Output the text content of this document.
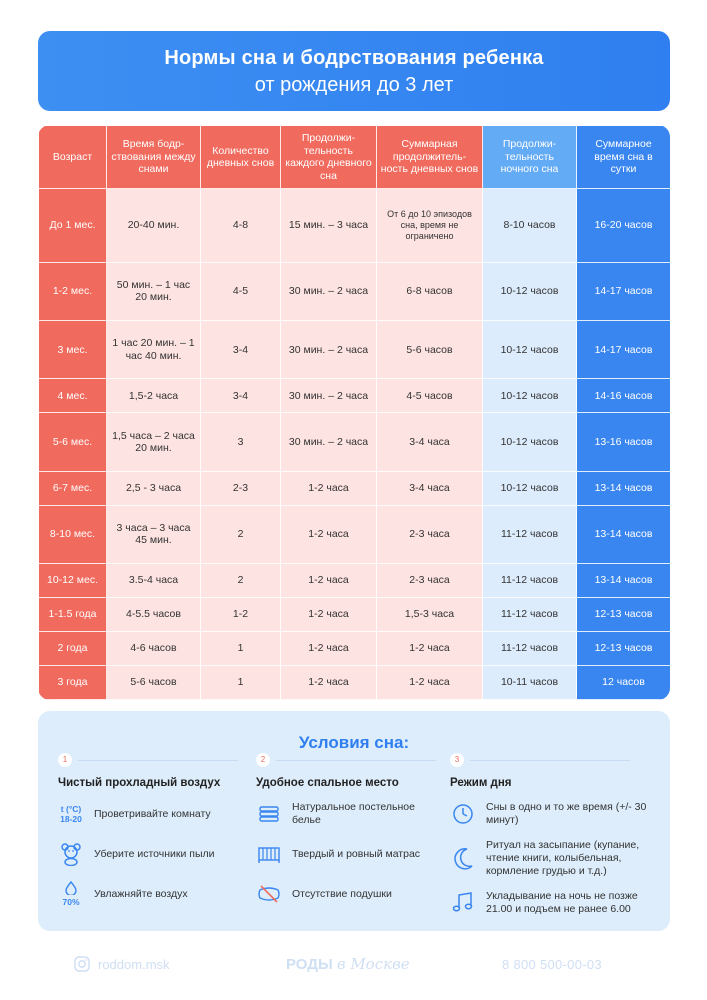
Нормы сна и бодрствования ребенка
от рождения до 3 лет
Возраст	Время бодр-ствования между снами	Количество дневных снов	Продолжи-тельность каждого дневного сна	Суммарная продолжитель-ность дневных снов	Продолжи-тельность ночного сна	Суммарное время сна в сутки
До 1 мес.	20-40 мин.	4-8	15 мин. – 3 часа	От 6 до 10 эпизодов сна, время не ограничено	8-10 часов	16-20 часов
1-2 мес.	50 мин. – 1 час 20 мин.	4-5	30 мин. – 2 часа	6-8 часов	10-12 часов	14-17 часов
3 мес.	1 час 20 мин. – 1 час 40 мин.	3-4	30 мин. – 2 часа	5-6 часов	10-12 часов	14-17 часов
4 мес.	1,5-2 часа	3-4	30 мин. – 2 часа	4-5 часов	10-12 часов	14-16 часов
5-6 мес.	1,5 часа – 2 часа 20 мин.	3	30 мин. – 2 часа	3-4 часа	10-12 часов	13-16 часов
6-7 мес.	2,5 - 3 часа	2-3	1-2 часа	3-4 часа	10-12 часов	13-14 часов
8-10 мес.	3 часа – 3 часа 45 мин.	2	1-2 часа	2-3 часа	11-12 часов	13-14 часов
10-12 мес.	3.5-4 часа	2	1-2 часа	2-3 часа	11-12 часов	13-14 часов
1-1.5 года	4-5.5 часов	1-2	1-2 часа	1,5-3 часа	11-12 часов	12-13 часов
2 года	4-6 часов	1	1-2 часа	1-2 часа	11-12 часов	12-13 часов
3 года	5-6 часов	1	1-2 часа	1-2 часа	10-11 часов	12 часов
Условия сна:
1
Чистый прохладный воздух
t (°C)
18-20 Проветривайте комнату
Уберите источники пыли

70%
Увлажняйте воздух
2
Удобное спальное место
Натуральное постельное белье
Твердый и ровный матрас
Отсутствие подушки
3
Режим дня
Сны в одно и то же время (+/- 30 минут)
Ритуал на засыпание (купание, чтение книги, колыбельная, кормление грудью и т.д.)
Укладывание на ночь не позже 21.00 и подъем не ранее 6.00
roddom.msk	РОДЫ в Москве	8 800 500-00-03
